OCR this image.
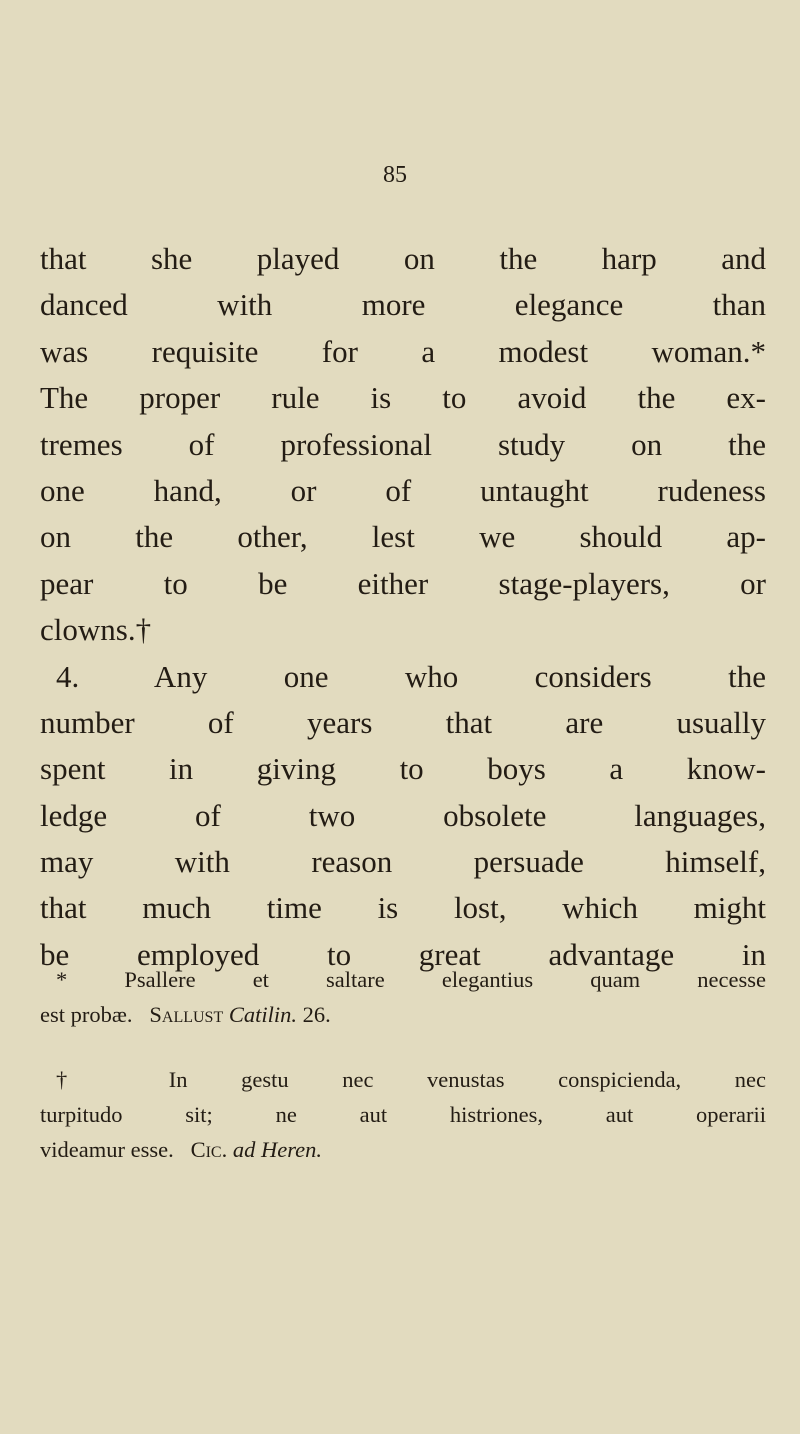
85
that she played on the harp and
danced with more elegance than
was requisite for a modest woman.*
The proper rule is to avoid the ex-
tremes of professional study on the
one hand, or of untaught rudeness
on the other, lest we should ap-
pear to be either stage-players, or
clowns.†
4. Any one who considers the
number of years that are usually
spent in giving to boys a know-
ledge of two obsolete languages,
may with reason persuade himself,
that much time is lost, which might
be employed to great advantage in
* Psallere et saltare elegantius quam necesse
est probæ. Sallust Catilin. 26.
† In gestu nec venustas conspicienda, nec
turpitudo sit; ne aut histriones, aut operarii
videamur esse. Cic. ad Heren.
